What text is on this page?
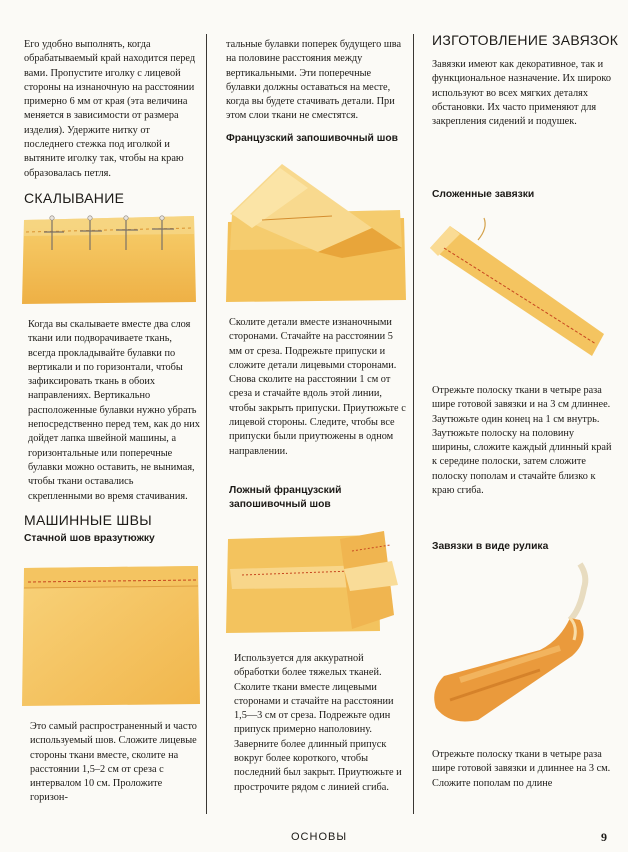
Его удобно выполнять, когда обрабатываемый край находится перед вами. Пропустите иголку с лицевой стороны на изнаночную на расстоянии примерно 6 мм от края (эта величина меняется в зависимости от размера изделия). Удержите нитку от последнего стежка под иголкой и вытяните иголку так, чтобы на краю образовалась петля.

СКАЛЫВАНИЕ

Когда вы скалываете вместе два слоя ткани или подворачиваете ткань, всегда прокладывайте булавки по вертикали и по горизонтали, чтобы зафиксировать ткань в обоих направлениях. Вертикально расположенные булавки нужно убрать непосредственно перед тем, как до них дойдет лапка швейной машины, а горизонтальные или поперечные булавки можно оставить, не вынимая, чтобы ткани оставались скрепленными во время стачивания.

МАШИННЫЕ ШВЫ
Стачной шов вразутюжку

Это самый распространенный и часто используемый шов. Сложите лицевые стороны ткани вместе, сколите на расстоянии 1,5–2 см от среза с интервалом 10 см. Проложите горизон-

тальные булавки поперек будущего шва на половине расстояния между вертикальными. Эти поперечные булавки должны оставаться на месте, когда вы будете стачивать детали. При этом слои ткани не сместятся.

Французский запошивочный шов

Сколите детали вместе изнаночными сторонами. Стачайте на расстоянии 5 мм от среза. Подрежьте припуски и сложите детали лицевыми сторонами. Снова сколите на расстоянии 1 см от среза и стачайте вдоль этой линии, чтобы закрыть припуски. Приутюжьте с лицевой стороны. Следите, чтобы все припуски были приутюжены в одном направлении.

Ложный французский запошивочный шов

Используется для аккуратной обработки более тяжелых тканей. Сколите ткани вместе лицевыми сторонами и стачайте на расстоянии 1,5—3 см от среза. Подрежьте один припуск примерно наполовину. Заверните более длинный припуск вокруг более короткого, чтобы последний был закрыт. Приутюжьте и прострочите рядом с линией сгиба.

ИЗГОТОВЛЕНИЕ ЗАВЯЗОК

Завязки имеют как декоративное, так и функциональное назначение. Их широко используют во всех мягких деталях обстановки. Их часто применяют для закрепления сидений и подушек.

Сложенные завязки

Отрежьте полоску ткани в четыре раза шире готовой завязки и на 3 см длиннее. Заутюжьте один конец на 1 см внутрь. Заутюжьте полоску на половину ширины, сложите каждый длинный край к середине полоски, затем сложите полоску пополам и стачайте близко к краю сгиба.

Завязки в виде рулика

Отрежьте полоску ткани в четыре раза шире готовой завязки и длиннее на 3 см. Сложите пополам по длине

ОСНОВЫ	9
